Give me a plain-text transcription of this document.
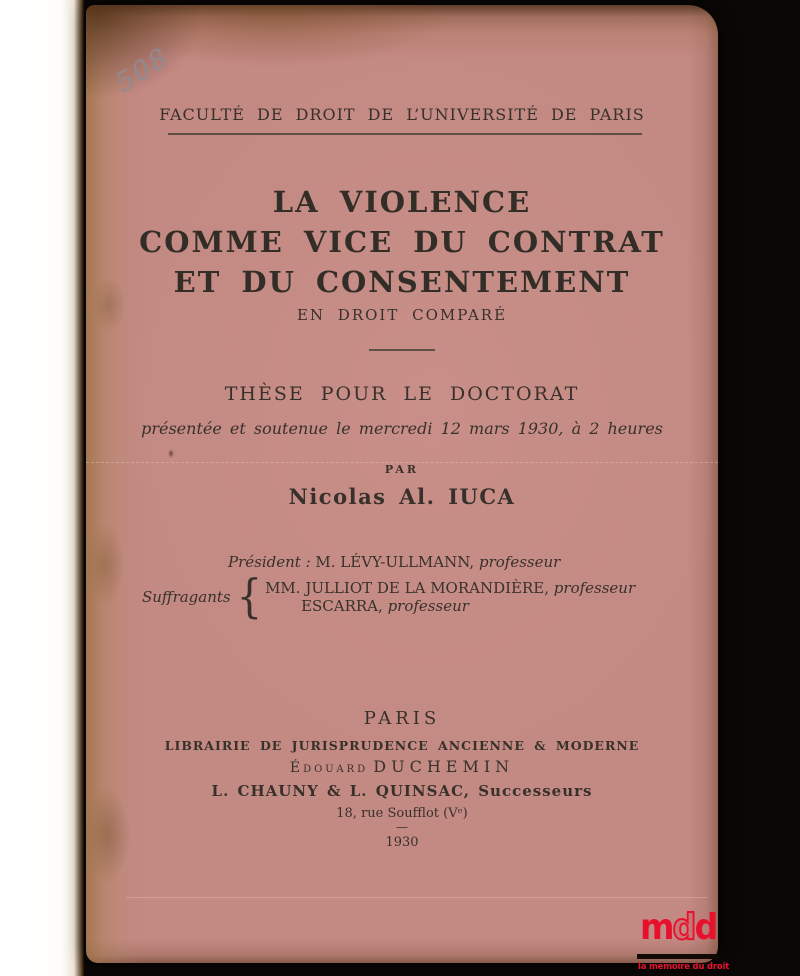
508
FACULTÉ DE DROIT DE L’UNIVERSITÉ DE PARIS
LA VIOLENCE
COMME VICE DU CONTRAT
ET DU CONSENTEMENT
EN DROIT COMPARÉ
THÈSE POUR LE DOCTORAT
présentée et soutenue le mercredi 12 mars 1930, à 2 heures
PAR
Nicolas Al. IUCA
Président : M. LÉVY-ULLMANN, professeur
Suffragants { MM. JULLIOT DE LA MORANDIÈRE, professeur
ESCARRA, professeur
PARIS
LIBRAIRIE DE JURISPRUDENCE ANCIENNE & MODERNE
Édouard DUCHEMIN
L. CHAUNY & L. QUINSAC, Successeurs
18, rue Soufflot (Vᵉ)
—
1930
mdd
la mémoire du droit
